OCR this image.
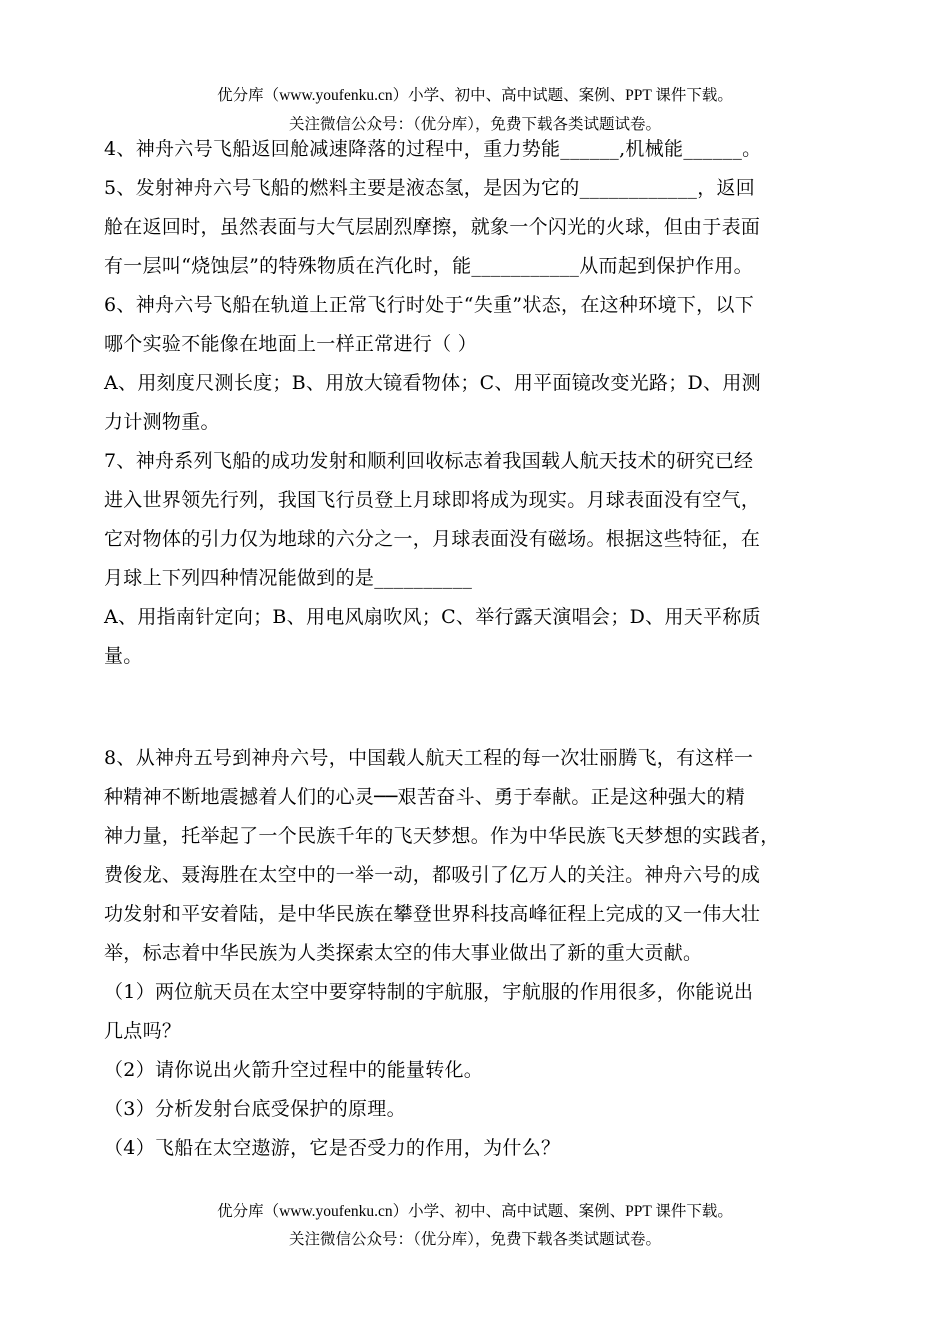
优分库（www.youfenku.cn）小学、初中、高中试题、案例、PPT 课件下载。
关注微信公众号：（优分库），免费下载各类试题试卷。
4、神舟六号飞船返回舱减速降落的过程中，重力势能______,机械能______。
5、发射神舟六号飞船的燃料主要是液态氢，是因为它的____________，返回
舱在返回时，虽然表面与大气层剧烈摩擦，就象一个闪光的火球，但由于表面
有一层叫“烧蚀层”的特殊物质在汽化时，能___________从而起到保护作用。
6、神舟六号飞船在轨道上正常飞行时处于“失重”状态，在这种环境下，以下
哪个实验不能像在地面上一样正常进行（ ）
A、用刻度尺测长度；B、用放大镜看物体；C、用平面镜改变光路；D、用测
力计测物重。
7、神舟系列飞船的成功发射和顺利回收标志着我国载人航天技术的研究已经
进入世界领先行列，我国飞行员登上月球即将成为现实。月球表面没有空气，
它对物体的引力仅为地球的六分之一，月球表面没有磁场。根据这些特征，在
月球上下列四种情况能做到的是__________
A、用指南针定向；B、用电风扇吹风；C、举行露天演唱会；D、用天平称质
量。
8、从神舟五号到神舟六号，中国载人航天工程的每一次壮丽腾飞，有这样一
种精神不断地震撼着人们的心灵──艰苦奋斗、勇于奉献。正是这种强大的精
神力量，托举起了一个民族千年的飞天梦想。作为中华民族飞天梦想的实践者，
费俊龙、聂海胜在太空中的一举一动，都吸引了亿万人的关注。神舟六号的成
功发射和平安着陆，是中华民族在攀登世界科技高峰征程上完成的又一伟大壮
举，标志着中华民族为人类探索太空的伟大事业做出了新的重大贡献。
（1）两位航天员在太空中要穿特制的宇航服，宇航服的作用很多，你能说出
几点吗？
（2）请你说出火箭升空过程中的能量转化。
（3）分析发射台底受保护的原理。
（4）飞船在太空遨游，它是否受力的作用，为什么？
优分库（www.youfenku.cn）小学、初中、高中试题、案例、PPT 课件下载。
关注微信公众号：（优分库），免费下载各类试题试卷。
